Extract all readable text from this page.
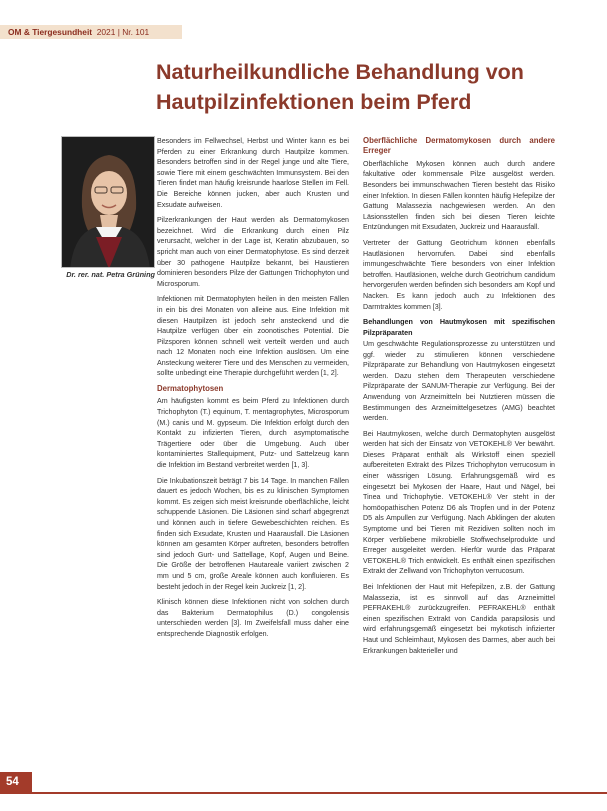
OM & Tiergesundheit 2021 | Nr. 101
Naturheilkundliche Behandlung von Hautpilzinfektionen beim Pferd
Dr. rer. nat. Petra Grüning

Besonders im Fellwechsel, Herbst und Winter kann es bei Pferden zu einer Erkrankung durch Hautpilze kommen. Besonders betroffen sind in der Regel junge und alte Tiere, sowie Tiere mit einem geschwächten Immunsystem. Bei den Tieren findet man häufig kreisrunde haarlose Stellen im Fell. Die Bereiche können jucken, aber auch Krusten und Exsudate aufweisen.

Pilzerkrankungen der Haut werden als Dermatomykosen bezeichnet. Wird die Erkrankung durch einen Pilz verursacht, welcher in der Lage ist, Keratin abzubauen, so spricht man auch von einer Dermatophytose. Es sind derzeit über 30 pathogene Hautpilze bekannt, bei Haustieren dominieren besonders Pilze der Gattungen Trichophyton und Microsporum.

Infektionen mit Dermatophyten heilen in den meisten Fällen in ein bis drei Monaten von alleine aus. Eine Infektion mit diesen Hautpilzen ist jedoch sehr ansteckend und die Hautpilze verfügen über ein zoonotisches Potential. Die Pilzsporen können schnell weit verteilt werden und auch nach 12 Monaten noch eine Infektion auslösen. Um eine Ansteckung weiterer Tiere und des Menschen zu vermeiden, sollte unbedingt eine Therapie durchgeführt werden [1, 2].

Dermatophytosen

Am häufigsten kommt es beim Pferd zu Infektionen durch Trichophyton (T.) equinum, T. mentagrophytes, Microsporum (M.) canis und M. gypseum. Die Infektion erfolgt durch den Kontakt zu infizierten Tieren, durch asymptomatische Trägertiere oder über die Umgebung. Auch über kontaminiertes Stallequipment, Putz- und Sattelzeug kann die Infektion im Bestand verbreitet werden [1, 3].

Die Inkubationszeit beträgt 7 bis 14 Tage. In manchen Fällen dauert es jedoch Wochen, bis es zu klinischen Symptomen kommt. Es zeigen sich meist kreisrunde oberflächliche, leicht schuppende Läsionen. Die Läsionen sind scharf abgegrenzt und können auch in tiefere Gewebeschichten reichen. Es finden sich Exsudate, Krusten und Haarausfall. Die Läsionen können am gesamten Körper auftreten, besonders betroffen sind jedoch Gurt- und Sattellage, Kopf, Augen und Beine. Die Größe der betroffenen Hautareale variiert zwischen 2 mm und 5 cm, große Areale können auch konfluieren. Es besteht jedoch in der Regel kein Juckreiz [1, 2].

Klinisch können diese Infektionen nicht von solchen durch das Bakterium Dermatophilus (D.) congolensis unterschieden werden [3]. Im Zweifelsfall muss daher eine entsprechende Diagnostik erfolgen.

Oberflächliche Dermatomykosen durch andere Erreger

Oberflächliche Mykosen können auch durch andere fakultative oder kommensale Pilze ausgelöst werden. Besonders bei immunschwachen Tieren besteht das Risiko einer Infektion. In diesen Fällen konnten häufig Hefepilze der Gattung Malassezia nachgewiesen werden. An den Läsionsstellen finden sich bei diesen Tieren leichte Entzündungen mit Exsudaten, Juckreiz und Haarausfall.

Vertreter der Gattung Geotrichum können ebenfalls Hautläsionen hervorrufen. Dabei sind ebenfalls immungeschwächte Tiere besonders von einer Infektion betroffen. Hautläsionen, welche durch Geotrichum candidum hervorgerufen werden befinden sich besonders am Kopf und Nacken. Es kann jedoch auch zu Infektionen des Darmtraktes kommen [3].

Behandlungen von Hautmykosen mit spezifischen Pilzpräparaten

Um geschwächte Regulationsprozesse zu unterstützen und ggf. wieder zu stimulieren können verschiedene Pilzpräparate zur Behandlung von Hautmykosen eingesetzt werden. Dazu stehen dem Therapeuten verschiedene Pilzpräparate der SANUM-Therapie zur Verfügung. Bei der Anwendung von Arzneimitteln bei Nutztieren müssen die Bestimmungen des Arzneimittelgesetzes (AMG) beachtet werden.

Bei Hautmykosen, welche durch Dermatophyten ausgelöst werden hat sich der Einsatz von VETOKEHL® Ver bewährt. Dieses Präparat enthält als Wirkstoff einen speziell aufbereiteten Extrakt des Pilzes Trichophyton verrucosum in einer wässrigen Lösung. Erfahrungsgemäß wird es eingesetzt bei Mykosen der Haare, Haut und Nägel, bei Tinea und Trichophytie. VETOKEHL® Ver steht in der homöopathischen Potenz D6 als Tropfen und in der Potenz D5 als Ampullen zur Verfügung. Nach Abklingen der akuten Symptome und bei Tieren mit Rezidiven sollten noch im Körper verbliebene mikrobielle Stoffwechselprodukte und Erreger ausgeleitet werden. Hierfür wurde das Präparat VETOKEHL® Trich entwickelt. Es enthält einen spezifischen Extrakt der Zellwand von Trichophyton verrucosum.

Bei Infektionen der Haut mit Hefepilzen, z.B. der Gattung Malassezia, ist es sinnvoll auf das Arzneimittel PEFRAKEHL® zurückzugreifen. PEFRAKEHL® enthält einen spezifischen Extrakt von Candida parapsilosis und wird erfahrungsgemäß eingesetzt bei mykotisch infizierter Haut und Schleimhaut, Mykosen des Darmes, aber auch bei Erkrankungen bakterieller und

54
